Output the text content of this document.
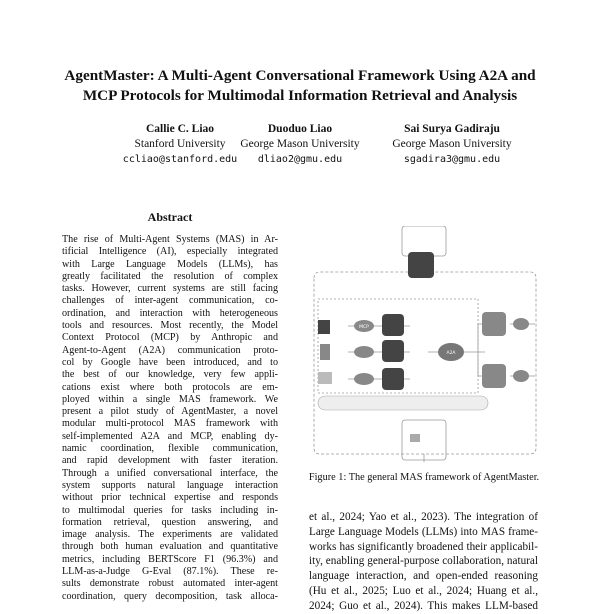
AgentMaster: A Multi-Agent Conversational Framework Using A2A and
MCP Protocols for Multimodal Information Retrieval and Analysis
Callie C. Liao
Stanford University
ccliao@stanford.edu
Duoduo Liao
George Mason University
dliao2@gmu.edu
Sai Surya Gadiraju
George Mason University
sgadira3@gmu.edu
Abstract
The rise of Multi-Agent Systems (MAS) in Ar-
tificial Intelligence (AI), especially integrated
with Large Language Models (LLMs), has
greatly facilitated the resolution of complex
tasks. However, current systems are still facing
challenges of inter-agent communication, co-
ordination, and interaction with heterogeneous
tools and resources. Most recently, the Model
Context Protocol (MCP) by Anthropic and
Agent-to-Agent (A2A) communication proto-
col by Google have been introduced, and to
the best of our knowledge, very few appli-
cations exist where both protocols are em-
ployed within a single MAS framework. We
present a pilot study of AgentMaster, a novel
modular multi-protocol MAS framework with
self-implemented A2A and MCP, enabling dy-
namic coordination, flexible communication,
and rapid development with faster iteration.
Through a unified conversational interface, the
system supports natural language interaction
without prior technical expertise and responds
to multimodal queries for tasks including in-
formation retrieval, question answering, and
image analysis. The experiments are validated
through both human evaluation and quantitative
metrics, including BERTScore F1 (96.3%) and
LLM-as-a-Judge G-Eval (87.1%). These re-
sults demonstrate robust automated inter-agent
coordination, query decomposition, task alloca-
A2A
MCP
Figure 1: The general MAS framework of AgentMaster.
et al., 2024; Yao et al., 2023). The integration of
Large Language Models (LLMs) into MAS frame-
works has significantly broadened their applicabil-
ity, enabling general-purpose collaboration, natural
language interaction, and open-ended reasoning
(Hu et al., 2025; Luo et al., 2024; Huang et al.,
2024; Guo et al., 2024). This makes LLM-based
